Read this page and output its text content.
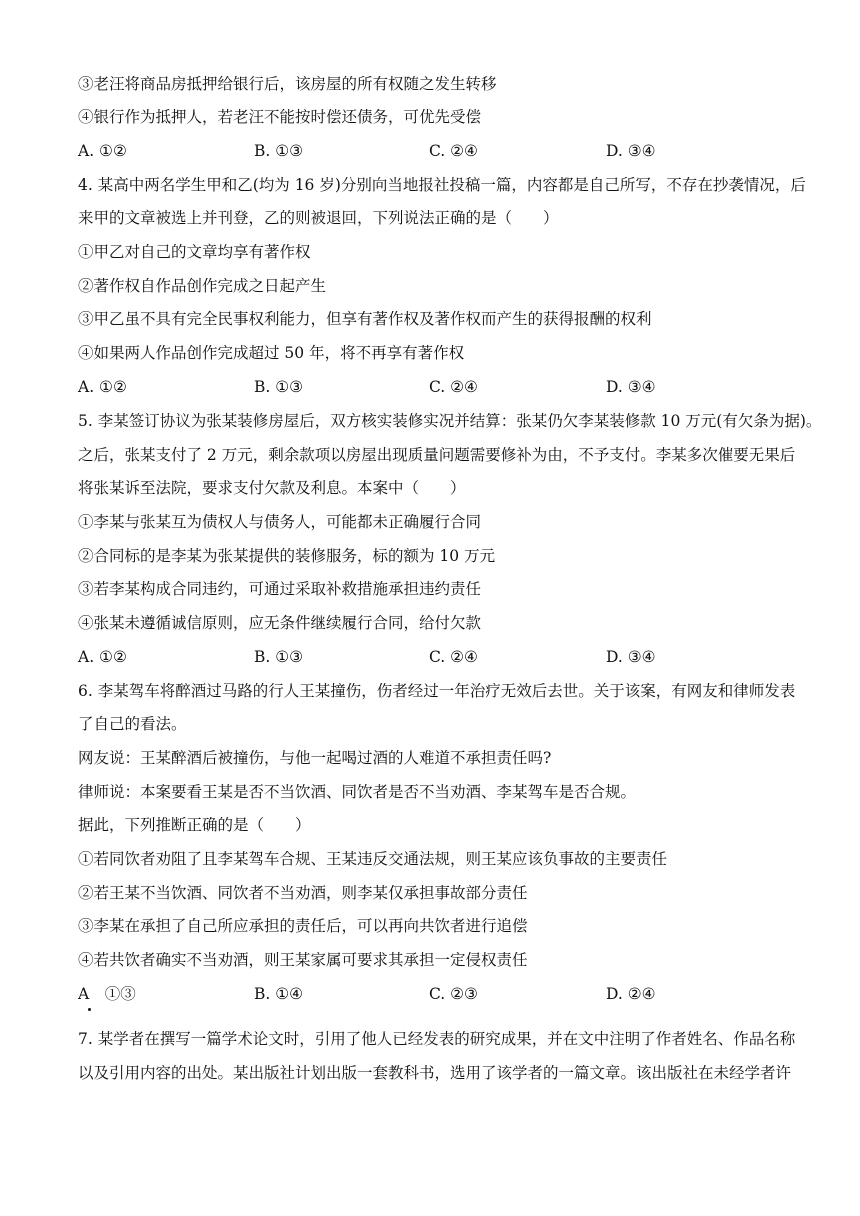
③老汪将商品房抵押给银行后，该房屋的所有权随之发生转移
④银行作为抵押人，若老汪不能按时偿还债务，可优先受偿
A. ①②	B. ①③	C. ②④	D. ③④
4. 某高中两名学生甲和乙(均为 16 岁)分别向当地报社投稿一篇，内容都是自己所写，不存在抄袭情况，后
来甲的文章被选上并刊登，乙的则被退回，下列说法正确的是（　　）
①甲乙对自己的文章均享有著作权
②著作权自作品创作完成之日起产生
③甲乙虽不具有完全民事权利能力，但享有著作权及著作权而产生的获得报酬的权利
④如果两人作品创作完成超过 50 年，将不再享有著作权
A. ①②	B. ①③	C. ②④	D. ③④
5. 李某签订协议为张某装修房屋后，双方核实装修实况并结算：张某仍欠李某装修款 10 万元(有欠条为据)。
之后，张某支付了 2 万元，剩余款项以房屋出现质量问题需要修补为由，不予支付。李某多次催要无果后
将张某诉至法院，要求支付欠款及利息。本案中（　　）
①李某与张某互为债权人与债务人，可能都未正确履行合同
②合同标的是李某为张某提供的装修服务，标的额为 10 万元
③若李某构成合同违约，可通过采取补救措施承担违约责任
④张某未遵循诚信原则，应无条件继续履行合同，给付欠款
A. ①②	B. ①③	C. ②④	D. ③④
6. 李某驾车将醉酒过马路的行人王某撞伤，伤者经过一年治疗无效后去世。关于该案，有网友和律师发表
了自己的看法。
网友说：王某醉酒后被撞伤，与他一起喝过酒的人难道不承担责任吗?
律师说：本案要看王某是否不当饮酒、同饮者是否不当劝酒、李某驾车是否合规。
据此，下列推断正确的是（　　）
①若同饮者劝阻了且李某驾车合规、王某违反交通法规，则王某应该负事故的主要责任
②若王某不当饮酒、同饮者不当劝酒，则李某仅承担事故部分责任
③李某在承担了自己所应承担的责任后，可以再向共饮者进行追偿
④若共饮者确实不当劝酒，则王某家属可要求其承担一定侵权责任
A　①③	B. ①④	C. ②③	D. ②④
7. 某学者在撰写一篇学术论文时，引用了他人已经发表的研究成果，并在文中注明了作者姓名、作品名称
以及引用内容的出处。某出版社计划出版一套教科书，选用了该学者的一篇文章。该出版社在未经学者许
